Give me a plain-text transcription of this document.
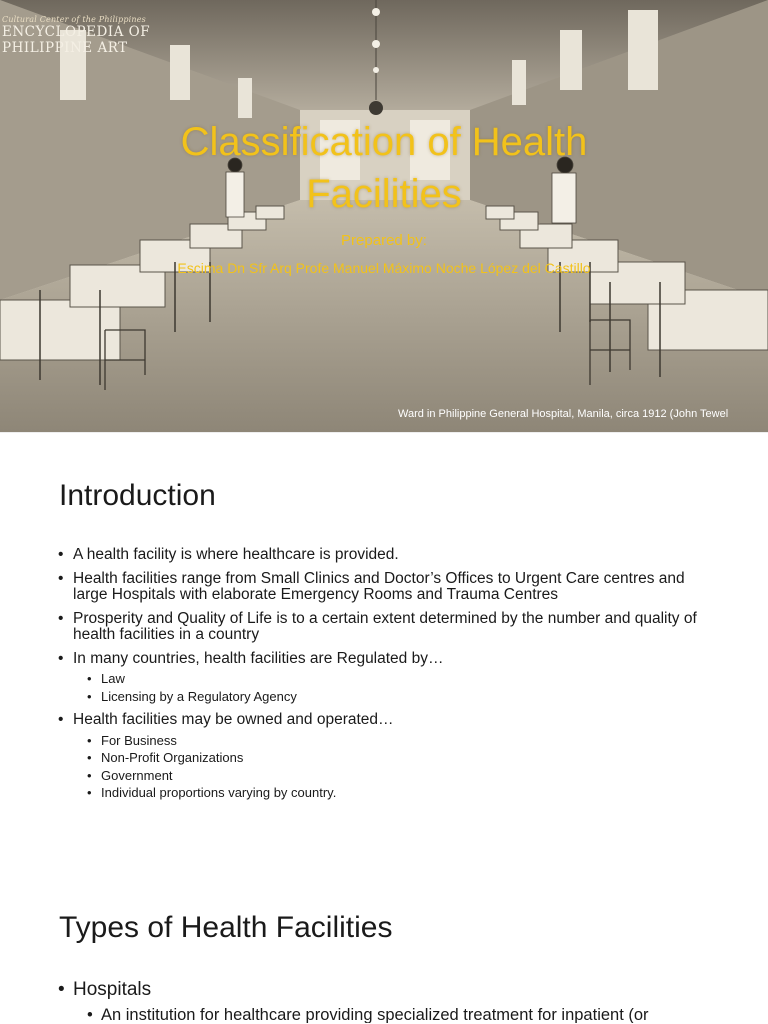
Cultural Center of the Philippines
ENCYCLOPEDIA OF
PHILIPPINE ART
Classification of Health Facilities
Prepared by:
Escima Dn Sfr Arq Profe Manuel Máximo Noche López del Castillo
Ward in Philippine General Hospital, Manila, circa 1912 (John Tewel
Introduction
• A health facility is where healthcare is provided.
• Health facilities range from Small Clinics and Doctor’s Offices to Urgent Care centres and large Hospitals with elaborate Emergency Rooms and Trauma Centres
• Prosperity and Quality of Life is to a certain extent determined by the number and quality of health facilities in a country
• In many countries, health facilities are Regulated by…
• Law
• Licensing by a Regulatory Agency
• Health facilities may be owned and operated…
• For Business
• Non-Profit Organizations
• Government
• Individual proportions varying by country.
Types of Health Facilities
• Hospitals
• An institution for healthcare providing specialized treatment for inpatient (or
